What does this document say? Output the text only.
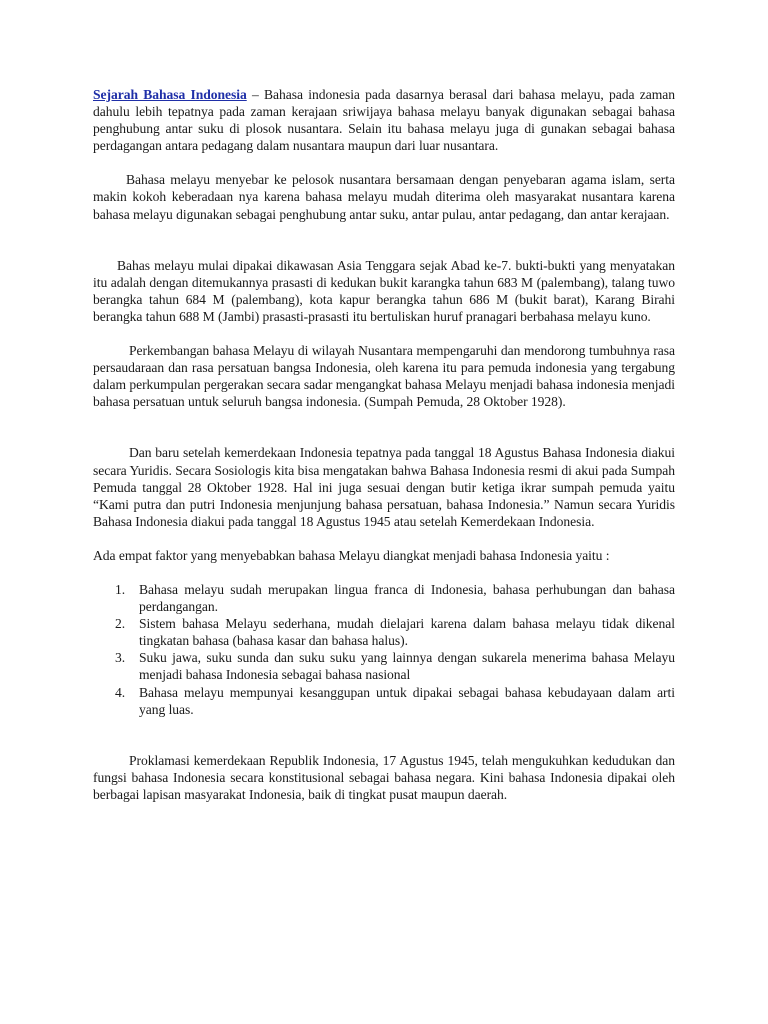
Sejarah Bahasa Indonesia – Bahasa indonesia pada dasarnya berasal dari bahasa melayu, pada zaman dahulu lebih tepatnya pada zaman kerajaan sriwijaya bahasa melayu banyak digunakan sebagai bahasa penghubung antar suku di plosok nusantara. Selain itu bahasa melayu juga di gunakan sebagai bahasa perdagangan antara pedagang dalam nusantara maupun dari luar nusantara.

Bahasa melayu menyebar ke pelosok nusantara bersamaan dengan penyebaran agama islam, serta makin kokoh keberadaan nya karena bahasa melayu mudah diterima oleh masyarakat nusantara karena bahasa melayu digunakan sebagai penghubung antar suku, antar pulau, antar pedagang, dan antar kerajaan.

Bahas melayu mulai dipakai dikawasan Asia Tenggara sejak Abad ke-7. bukti-bukti yang menyatakan itu adalah dengan ditemukannya prasasti di kedukan bukit karangka tahun 683 M (palembang), talang tuwo berangka tahun 684 M (palembang), kota kapur berangka tahun 686 M (bukit barat), Karang Birahi berangka tahun 688 M (Jambi) prasasti-prasasti itu bertuliskan huruf pranagari berbahasa melayu kuno.

Perkembangan bahasa Melayu di wilayah Nusantara mempengaruhi dan mendorong tumbuhnya rasa persaudaraan dan rasa persatuan bangsa Indonesia, oleh karena itu para pemuda indonesia yang tergabung dalam perkumpulan pergerakan secara sadar mengangkat bahasa Melayu menjadi bahasa indonesia menjadi bahasa persatuan untuk seluruh bangsa indonesia. (Sumpah Pemuda, 28 Oktober 1928).

Dan baru setelah kemerdekaan Indonesia tepatnya pada tanggal 18 Agustus Bahasa Indonesia diakui secara Yuridis. Secara Sosiologis kita bisa mengatakan bahwa Bahasa Indonesia resmi di akui pada Sumpah Pemuda tanggal 28 Oktober 1928. Hal ini juga sesuai dengan butir ketiga ikrar sumpah pemuda yaitu “Kami putra dan putri Indonesia menjunjung bahasa persatuan, bahasa Indonesia.” Namun secara Yuridis Bahasa Indonesia diakui pada tanggal 18 Agustus 1945 atau setelah Kemerdekaan Indonesia.

Ada empat faktor yang menyebabkan bahasa Melayu diangkat menjadi bahasa Indonesia yaitu :

1. Bahasa melayu sudah merupakan lingua franca di Indonesia, bahasa perhubungan dan bahasa perdangangan.
2. Sistem bahasa Melayu sederhana, mudah dielajari karena dalam bahasa melayu tidak dikenal tingkatan bahasa (bahasa kasar dan bahasa halus).
3. Suku jawa, suku sunda dan suku suku yang lainnya dengan sukarela menerima bahasa Melayu menjadi bahasa Indonesia sebagai bahasa nasional
4. Bahasa melayu mempunyai kesanggupan untuk dipakai sebagai bahasa kebudayaan dalam arti yang luas.

Proklamasi kemerdekaan Republik Indonesia, 17 Agustus 1945, telah mengukuhkan kedudukan dan fungsi bahasa Indonesia secara konstitusional sebagai bahasa negara. Kini bahasa Indonesia dipakai oleh berbagai lapisan masyarakat Indonesia, baik di tingkat pusat maupun daerah.
